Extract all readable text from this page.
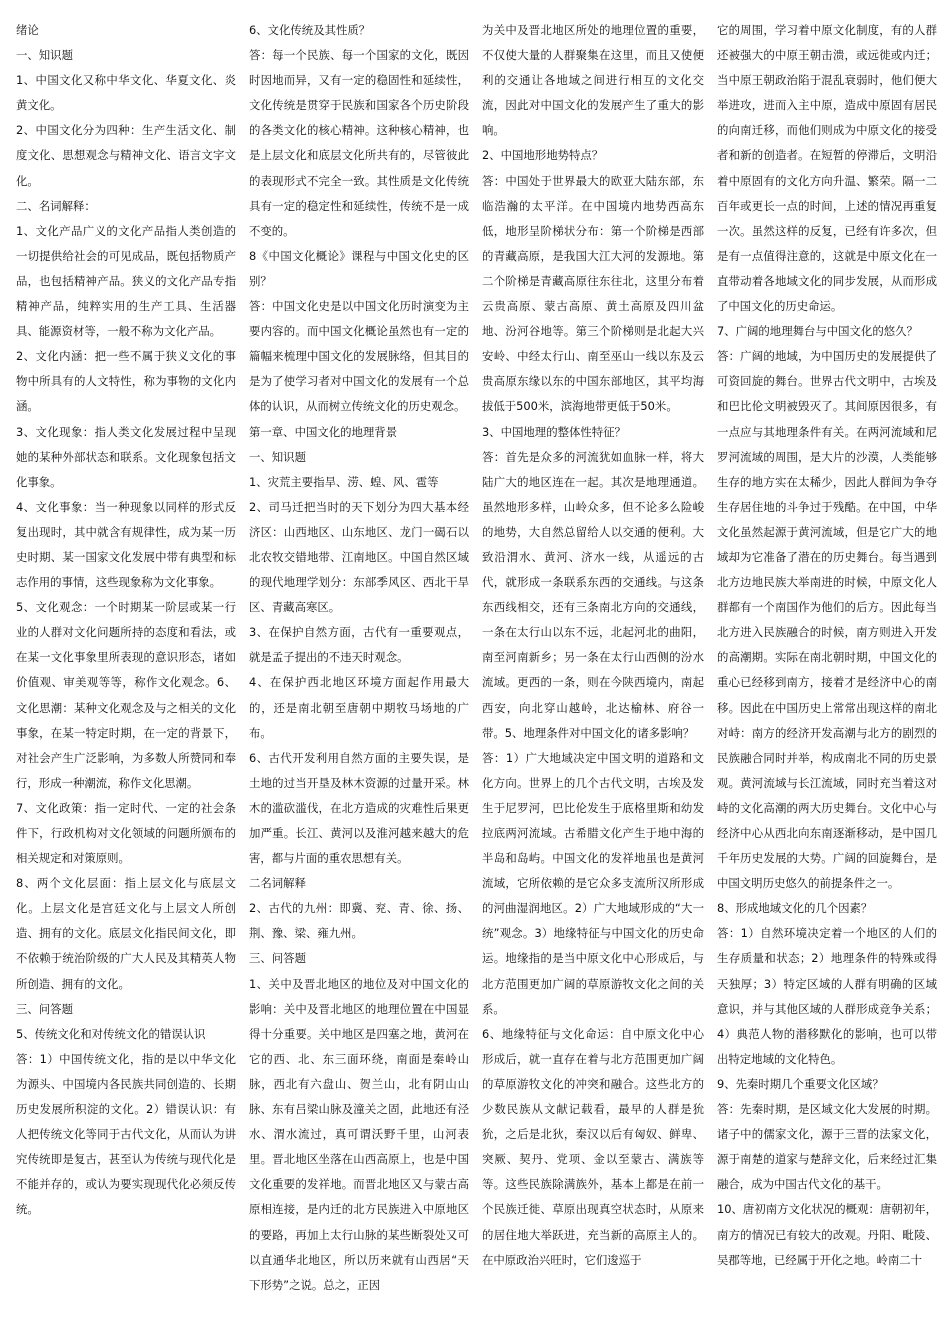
绪论

一、知识题

1、中国文化又称中华文化、华夏文化、炎黄文化。

2、中国文化分为四种：生产生活文化、制度文化、思想观念与精神文化、语言文字文化。

二、名词解释：

1、文化产品广义的文化产品指人类创造的一切提供给社会的可见成品，既包括物质产品，也包括精神产品。狭义的文化产品专指精神产品，纯粹实用的生产工具、生活器具、能源资材等，一般不称为文化产品。

2、文化内涵：把一些不属于狭义文化的事物中所具有的人文特性，称为事物的文化内涵。

3、文化现象：指人类文化发展过程中呈现她的某种外部状态和联系。文化现象包括文化事象。

4、文化事象：当一种现象以同样的形式反复出现时，其中就含有规律性，成为某一历史时期、某一国家文化发展中带有典型和标志作用的事情，这些现象称为文化事象。

5、文化观念：一个时期某一阶层或某一行业的人群对文化问题所持的态度和看法，或在某一文化事象里所表现的意识形态，诸如价值观、审美观等等，称作文化观念。6、文化思潮：某种文化观念及与之相关的文化事象，在某一特定时期，在一定的背景下，对社会产生广泛影响，为多数人所赞同和奉行，形成一种潮流，称作文化思潮。

7、文化政策：指一定时代、一定的社会条件下，行政机构对文化领域的问题所颁布的相关规定和对策原则。

8、两个文化层面：指上层文化与底层文化。上层文化是宫廷文化与上层文人所创造、拥有的文化。底层文化指民间文化，即不依赖于统治阶级的广大人民及其精英人物所创造、拥有的文化。

三、问答题

5、传统文化和对传统文化的错误认识

答：1）中国传统文化，指的是以中华文化为源头、中国境内各民族共同创造的、长期历史发展所积淀的文化。2）错误认识：有人把传统文化等同于古代文化，从而认为讲究传统即是复古，甚至认为传统与现代化是不能并存的，或认为要实现现代化必须反传统。

6、文化传统及其性质？

答：每一个民族、每一个国家的文化，既因时因地而异，又有一定的稳固性和延续性，文化传统是贯穿于民族和国家各个历史阶段的各类文化的核心精神。这种核心精神，也是上层文化和底层文化所共有的，尽管彼此的表现形式不完全一致。其性质是文化传统具有一定的稳定性和延续性，传统不是一成不变的。

8《中国文化概论》课程与中国文化史的区别？

答：中国文化史是以中国文化历时演变为主要内容的。而中国文化概论虽然也有一定的篇幅来梳理中国文化的发展脉络，但其目的是为了使学习者对中国文化的发展有一个总体的认识，从而树立传统文化的历史观念。

第一章、中国文化的地理背景

一、知识题

1、灾荒主要指旱、涝、蝗、风、雹等

2、司马迁把当时的天下划分为四大基本经济区：山西地区、山东地区、龙门一碣石以北农牧交错地带、江南地区。中国自然区域的现代地理学划分：东部季风区、西北干旱区、青藏高寒区。

3、在保护自然方面，古代有一重要观点，就是孟子提出的不违天时观念。

4、在保护西北地区环境方面起作用最大的，还是南北朝至唐朝中期牧马场地的广布。

6、古代开发利用自然方面的主要失误，是土地的过当开垦及林木资源的过量开采。林木的滥砍滥伐，在北方造成的灾难性后果更加严重。长江、黄河以及淮河越来越大的危害，都与片面的重农思想有关。

二名词解释

2、古代的九州：即冀、兖、青、徐、扬、荆、豫、梁、雍九州。

三、问答题

1、关中及晋北地区的地位及对中国文化的影响：关中及晋北地区的地理位置在中国显得十分重要。关中地区是四塞之地，黄河在它的西、北、东三面环绕，南面是秦岭山脉，西北有六盘山、贺兰山，北有阴山山脉、东有吕梁山脉及潼关之固，此地还有泾水、渭水流过，真可谓沃野千里，山河表里。晋北地区坐落在山西高原上，也是中国文化重要的发祥地。而晋北地区又与蒙古高原相连接，是内迁的北方民族进入中原地区的要路，再加上太行山脉的某些断裂处又可以直通华北地区，所以历来就有山西居“天下形势”之说。总之，正因

为关中及晋北地区所处的地理位置的重要，不仅使大量的人群聚集在这里，而且又使便利的交通让各地域之间进行相互的文化交流，因此对中国文化的发展产生了重大的影响。

2、中国地形地势特点？

答：中国处于世界最大的欧亚大陆东部，东临浩瀚的太平洋。在中国境内地势西高东低，地形呈阶梯状分布：第一个阶梯是西部的青藏高原，是我国大江大河的发源地。第二个阶梯是青藏高原往东往北，这里分布着云贵高原、蒙古高原、黄土高原及四川盆地、汾河谷地等。第三个阶梯则是北起大兴安岭、中经太行山、南至巫山一线以东及云贵高原东缘以东的中国东部地区，其平均海拔低于500米，滨海地带更低于50米。

3、中国地理的整体性特征？

答：首先是众多的河流犹如血脉一样，将大陆广大的地区连在一起。其次是地理通道。虽然地形多样，山岭众多，但不论多么险峻的地势，大自然总留给人以交通的便利。大致沿渭水、黄河、济水一线，从遥远的古代，就形成一条联系东西的交通线。与这条东西线相交，还有三条南北方向的交通线，一条在太行山以东不远，北起河北的曲阳，南至河南新乡；另一条在太行山西侧的汾水流域。更西的一条，则在今陕西境内，南起西安，向北穿山越岭，北达榆林、府谷一带。5、地理条件对中国文化的诸多影响？

答：1）广大地域决定中国文明的道路和文化方向。世界上的几个古代文明，古埃及发生于尼罗河，巴比伦发生于底格里斯和幼发拉底两河流域。古希腊文化产生于地中海的半岛和岛屿。中国文化的发祥地虽也是黄河流域，它所依赖的是它众多支流所汉所形成的河曲湿润地区。2）广大地域形成的“大一统”观念。3）地缘特征与中国文化的历史命运。地缘指的是当中原文化中心形成后，与北方范围更加广阔的草原游牧文化之间的关系。

6、地缘特征与文化命运：自中原文化中心形成后，就一直存在着与北方范围更加广阔的草原游牧文化的冲突和融合。这些北方的少数民族从文献记载看，最早的人群是狁狁，之后是北狄，秦汉以后有匈奴、鲜卑、突厥、契丹、党项、金以至蒙古、满族等等。这些民族除满族外，基本上都是在前一个民族迁徙、草原出现真空状态时，从原来的居住地大举跃进，充当新的高原主人的。在中原政治兴旺时，它们逡巡于

它的周围，学习着中原文化制度，有的人群还被强大的中原王朝击溃，或远徙或内迁；当中原王朝政治陷于混乱衰弱时，他们便大举进攻，进而入主中原，造成中原固有居民的向南迁移，而他们则成为中原文化的接受者和新的创造者。在短暂的停滞后，文明沿着中原固有的文化方向升温、繁荣。隔一二百年或更长一点的时间，上述的情况再重复一次。虽然这样的反复，已经有许多次，但是有一点值得注意的，这就是中原文化在一直带动着各地域文化的同步发展，从而形成了中国文化的历史命运。

7、广阔的地理舞台与中国文化的悠久？

答：广阔的地域，为中国历史的发展提供了可资回旋的舞台。世界古代文明中，古埃及和巴比伦文明被毁灭了。其间原因很多，有一点应与其地理条件有关。在两河流域和尼罗河流域的周围，是大片的沙漠，人类能够生存的地方实在太稀少，因此人群间为争夺生存居住地的斗争过于残酷。在中国，中华文化虽然起源于黄河流域，但是它广大的地域却为它准备了潜在的历史舞台。每当遇到北方边地民族大举南进的时候，中原文化人群都有一个南国作为他们的后方。因此每当北方进入民族融合的时候，南方则进入开发的高潮期。实际在南北朝时期，中国文化的重心已经移到南方，接着才是经济中心的南移。因此在中国历史上常常出现这样的南北对峙：南方的经济开发高潮与北方的剧烈的民族融合同时并举，构成南北不同的历史景观。黄河流域与长江流域，同时充当着这对峙的文化高潮的两大历史舞台。文化中心与经济中心从西北向东南逐渐移动，是中国几千年历史发展的大势。广阔的回旋舞台，是中国文明历史悠久的前提条件之一。

8、形成地域文化的几个因素？

答：1）自然环境决定着一个地区的人们的生存质量和状态；2）地理条件的特殊或得天独厚；3）特定区域的人群有明确的区域意识，并与其他区域的人群形成竞争关系；4）典范人物的潜移默化的影响，也可以带出特定地域的文化特色。

9、先秦时期几个重要文化区域？

答：先秦时期，是区域文化大发展的时期。诸子中的儒家文化，源于三晋的法家文化，源于南楚的道家与楚辞文化，后来经过汇集融合，成为中国古代文化的基干。

10、唐初南方文化状况的概观：唐朝初年，南方的情况已有较大的改观。丹阳、毗陵、吴郡等地，已经属于开化之地。岭南二十
